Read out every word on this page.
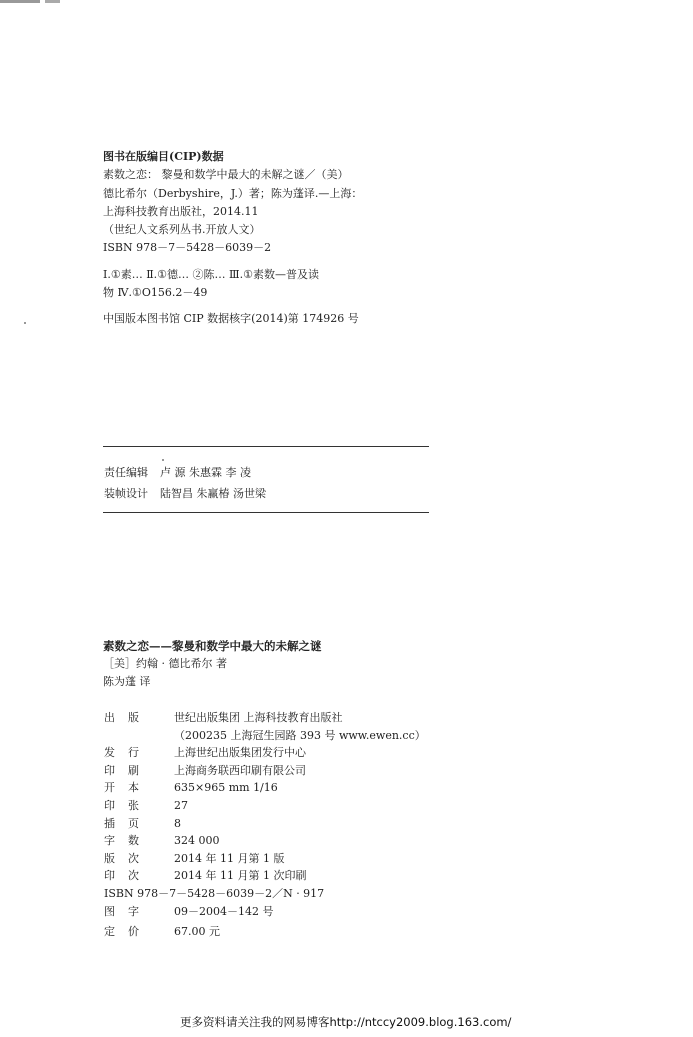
图书在版编目(CIP)数据
素数之恋： 黎曼和数学中最大的未解之谜／（美）
德比希尔（Derbyshire，J.）著；陈为蓬译.—上海：
上海科技教育出版社，2014.11
（世纪人文系列丛书.开放人文）
ISBN 978－7－5428－6039－2
Ⅰ.①素… Ⅱ.①德… ②陈… Ⅲ.①素数—普及读
物 Ⅳ.①O156.2－49
中国版本图书馆 CIP 数据核字(2014)第 174926 号
责任编辑	卢 源 朱惠霖 李 凌
装帧设计	陆智昌 朱赢椿 汤世梁
素数之恋——黎曼和数学中最大的未解之谜
［美］约翰 · 德比希尔 著
陈为蓬 译
出 版	世纪出版集团 上海科技教育出版社
（200235 上海冠生园路 393 号 www.ewen.cc）
发 行	上海世纪出版集团发行中心
印 刷	上海商务联西印刷有限公司
开 本	635×965 mm 1/16
印 张	27
插 页	8
字 数	324 000
版 次	2014 年 11 月第 1 版
印 次	2014 年 11 月第 1 次印刷
ISBN 978－7－5428－6039－2／N · 917
图 字	09－2004－142 号
定 价	67.00 元
更多资料请关注我的网易博客http://ntccy2009.blog.163.com/
